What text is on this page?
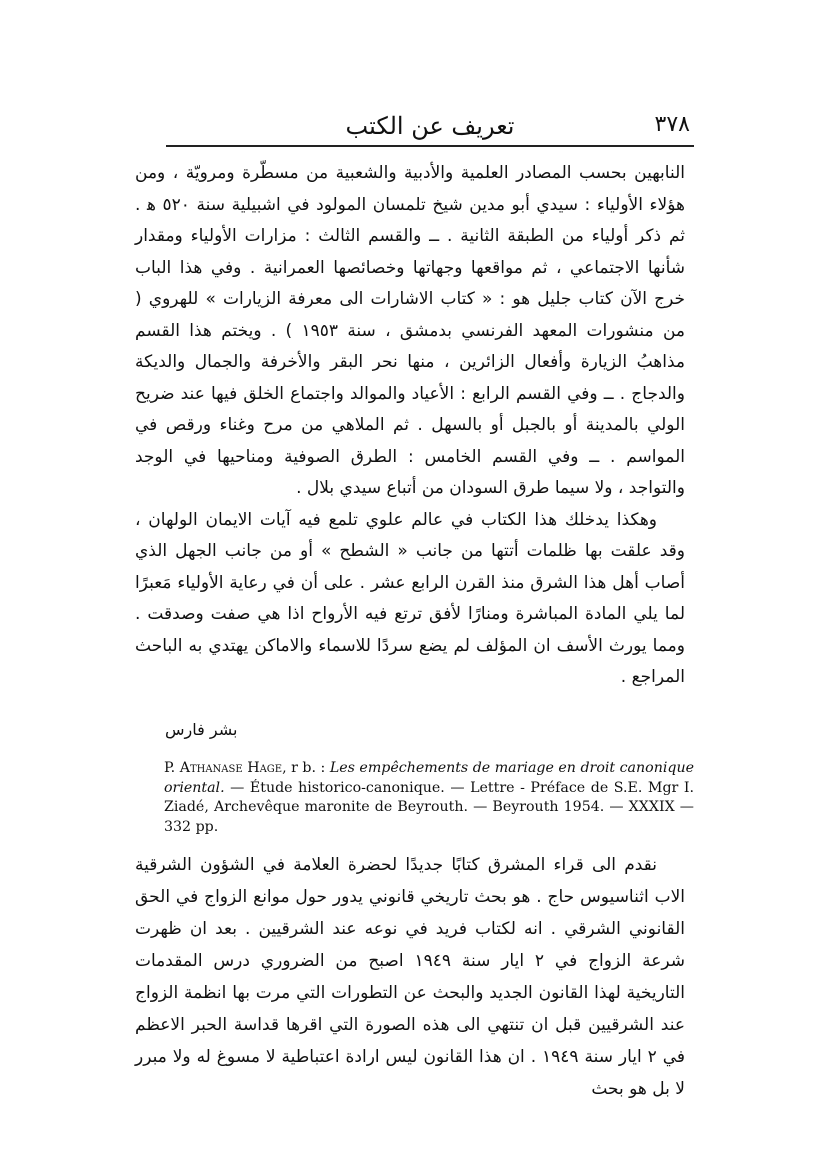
٣٧٨
تعريف عن الكتب

النابهين بحسب المصادر العلمية والأدبية والشعبية من مسطّرة ومرويّة ، ومن هؤلاء الأولياء : سيدي أبو مدين شيخ تلمسان المولود في اشبيلية سنة ٥٢٠ ﻫ . ثم ذكر أولياء من الطبقة الثانية . ــ والقسم الثالث : مزارات الأولياء ومقدار شأنها الاجتماعي ، ثم مواقعها وجهاتها وخصائصها العمرانية . وفي هذا الباب خرج الآن كتاب جليل هو : « كتاب الاشارات الى معرفة الزيارات » للهروي ( من منشورات المعهد الفرنسي بدمشق ، سنة ١٩٥٣ ) . ويختم هذا القسم مذاهبُ الزيارة وأفعال الزائرين ، منها نحر البقر والأخرفة والجمال والديكة والدجاج . ــ وفي القسم الرابع : الأعياد والموالد واجتماع الخلق فيها عند ضريح الولي بالمدينة أو بالجبل أو بالسهل . ثم الملاهي من مرح وغناء ورقص في المواسم . ــ وفي القسم الخامس : الطرق الصوفية ومناحيها في الوجد والتواجد ، ولا سيما طرق السودان من أتباع سيدي بلال .

وهكذا يدخلك هذا الكتاب في عالم علوي تلمع فيه آيات الايمان الولهان ، وقد علقت بها ظلمات أتتها من جانب « الشطح » أو من جانب الجهل الذي أصاب أهل هذا الشرق منذ القرن الرابع عشر . على أن في رعاية الأولياء مَعبرًا لما يلي المادة المباشرة ومنارًا لأفق ترتع فيه الأرواح اذا هي صفت وصدقت . ومما يورث الأسف ان المؤلف لم يضع سردًا للاسماء والاماكن يهتدي به الباحث المراجع .

بشر فارس
P. Athanase Hage, r b. : Les empêchements de mariage en droit canonique oriental. — Étude historico-canonique. — Lettre - Préface de S.E. Mgr I. Ziadé, Archevêque maronite de Beyrouth. — Beyrouth 1954. — XXXIX — 332 pp.

نقدم الى قراء المشرق كتابًا جديدًا لحضرة العلامة في الشؤون الشرقية الاب اثناسيوس حاج . هو بحث تاريخي قانوني يدور حول موانع الزواج في الحق القانوني الشرقي . انه لكتاب فريد في نوعه عند الشرقيين . بعد ان ظهرت شرعة الزواج في ٢ ايار سنة ١٩٤٩ اصبح من الضروري درس المقدمات التاريخية لهذا القانون الجديد والبحث عن التطورات التي مرت بها انظمة الزواج عند الشرقيين قبل ان تنتهي الى هذه الصورة التي اقرها قداسة الحبر الاعظم في ٢ ايار سنة ١٩٤٩ . ان هذا القانون ليس ارادة اعتباطية لا مسوغ له ولا مبرر لا بل هو بحث
